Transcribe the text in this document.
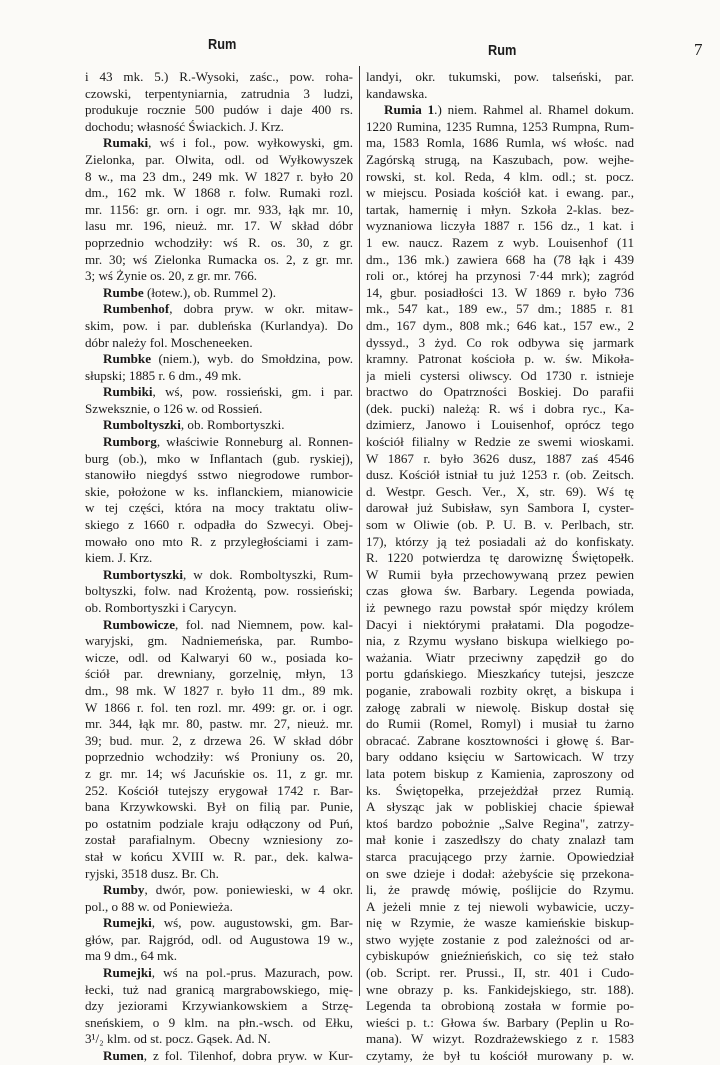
Rum	Rum	7
i 43 mk. 5.) R.-Wysoki, zaśc., pow. roha-
czowski, terpentyniarnia, zatrudnia 3 ludzi,
produkuje rocznie 500 pudów i daje 400 rs.
dochodu; własność Świackich. J. Krz.
Rumaki, wś i fol., pow. wyłkowyski, gm.
Zielonka, par. Olwita, odl. od Wyłkowyszek
8 w., ma 23 dm., 249 mk. W 1827 r. było 20
dm., 162 mk. W 1868 r. folw. Rumaki rozl.
mr. 1156: gr. orn. i ogr. mr. 933, łąk mr. 10,
lasu mr. 196, nieuż. mr. 17. W skład dóbr
poprzednio wchodziły: wś R. os. 30, z gr.
mr. 30; wś Zielonka Rumacka os. 2, z gr. mr.
3; wś Żynie os. 20, z gr. mr. 766.
Rumbe (łotew.), ob. Rummel 2).
Rumbenhof, dobra pryw. w okr. mitaw-
skim, pow. i par. dubleńska (Kurlandya). Do
dóbr należy fol. Moscheneeken.
Rumbke (niem.), wyb. do Smołdzina, pow.
słupski; 1885 r. 6 dm., 49 mk.
Rumbiki, wś, pow. rossieński, gm. i par.
Szweksznie, o 126 w. od Rossień.
Rumboltyszki, ob. Rombortyszki.
Rumborg, właściwie Ronneburg al. Ronnen-
burg (ob.), mko w Inflantach (gub. ryskiej),
stanowiło niegdyś sstwo niegrodowe rumbor-
skie, położone w ks. inflanckiem, mianowicie
w tej części, która na mocy traktatu oliw-
skiego z 1660 r. odpadła do Szwecyi. Obej-
mowało ono mto R. z przyległościami i zam-
kiem. J. Krz.
Rumbortyszki, w dok. Romboltyszki, Rum-
boltyszki, folw. nad Krożentą, pow. rossieński;
ob. Rombortyszki i Carycyn.
Rumbowicze, fol. nad Niemnem, pow. kal-
waryjski, gm. Nadniemeńska, par. Rumbo-
wicze, odl. od Kalwaryi 60 w., posiada ko-
ściół par. drewniany, gorzelnię, młyn, 13
dm., 98 mk. W 1827 r. było 11 dm., 89 mk.
W 1866 r. fol. ten rozl. mr. 499: gr. or. i ogr.
mr. 344, łąk mr. 80, pastw. mr. 27, nieuż. mr.
39; bud. mur. 2, z drzewa 26. W skład dóbr
poprzednio wchodziły: wś Proniuny os. 20,
z gr. mr. 14; wś Jacuńskie os. 11, z gr. mr.
252. Kościół tutejszy erygował 1742 r. Bar-
bana Krzywkowski. Był on filią par. Punie,
po ostatnim podziale kraju odłączony od Puń,
został parafialnym. Obecny wzniesiony zo-
stał w końcu XVIII w. R. par., dek. kalwa-
ryjski, 3518 dusz. Br. Ch.
Rumby, dwór, pow. poniewieski, w 4 okr.
pol., o 88 w. od Poniewieża.
Rumejki, wś, pow. augustowski, gm. Bar-
głów, par. Rajgród, odl. od Augustowa 19 w.,
ma 9 dm., 64 mk.
Rumejki, wś na pol.-prus. Mazurach, pow.
łecki, tuż nad granicą margrabowskiego, mię-
dzy jeziorami Krzywiankowskiem a Strzę-
sneńskiem, o 9 klm. na płn.-wsch. od Ełku,
3¹/₂ klm. od st. pocz. Gąsek. Ad. N.
Rumen, z fol. Tilenhof, dobra pryw. w Kur-
landyi, okr. tukumski, pow. talseński, par.
kandawska.
Rumia 1.) niem. Rahmel al. Rhamel dokum.
1220 Rumina, 1235 Rumna, 1253 Rumpna, Rum-
ma, 1583 Romla, 1686 Rumla, wś włośc. nad
Zagórską strugą, na Kaszubach, pow. wejhe-
rowski, st. kol. Reda, 4 klm. odl.; st. pocz.
w miejscu. Posiada kościół kat. i ewang. par.,
tartak, hamernię i młyn. Szkoła 2-klas. bez-
wyznaniowa liczyła 1887 r. 156 dz., 1 kat. i
1 ew. naucz. Razem z wyb. Louisenhof (11
dm., 136 mk.) zawiera 668 ha (78 łąk i 439
roli or., której ha przynosi 7·44 mrk); zagród
14, gbur. posiadłości 13. W 1869 r. było 736
mk., 547 kat., 189 ew., 57 dm.; 1885 r. 81
dm., 167 dym., 808 mk.; 646 kat., 157 ew., 2
dyssyd., 3 żyd. Co rok odbywa się jarmark
kramny. Patronat kościoła p. w. św. Mikoła-
ja mieli cystersi oliwscy. Od 1730 r. istnieje
bractwo do Opatrzności Boskiej. Do parafii
(dek. pucki) należą: R. wś i dobra ryc., Ka-
dzimierz, Janowo i Louisenhof, oprócz tego
kościół filialny w Redzie ze swemi wioskami.
W 1867 r. było 3626 dusz, 1887 zaś 4546
dusz. Kościół istniał tu już 1253 r. (ob. Zeitsch.
d. Westpr. Gesch. Ver., X, str. 69). Wś tę
darował już Subisław, syn Sambora I, cyster-
som w Oliwie (ob. P. U. B. v. Perlbach, str.
17), którzy ją też posiadali aż do konfiskaty.
R. 1220 potwierdza tę darowiznę Świętopełk.
W Rumii była przechowywaną przez pewien
czas głowa św. Barbary. Legenda powiada,
iż pewnego razu powstał spór między królem
Dacyi i niektórymi prałatami. Dla pogodze-
nia, z Rzymu wysłano biskupa wielkiego po-
ważania. Wiatr przeciwny zapędził go do
portu gdańskiego. Mieszkańcy tutejsi, jeszcze
poganie, zrabowali rozbity okręt, a biskupa i
załogę zabrali w niewolę. Biskup dostał się
do Rumii (Romel, Romyl) i musiał tu żarno
obracać. Zabrane kosztowności i głowę ś. Bar-
bary oddano księciu w Sartowicach. W trzy
lata potem biskup z Kamienia, zaproszony od
ks. Świętopełka, przejeżdżał przez Rumią.
A słysząc jak w pobliskiej chacie śpiewał
ktoś bardzo pobożnie „Salve Regina", zatrzy-
mał konie i zaszedłszy do chaty znalazł tam
starca pracującego przy żarnie. Opowiedział
on swe dzieje i dodał: ażebyście się przekona-
li, że prawdę mówię, poślijcie do Rzymu.
A jeżeli mnie z tej niewoli wybawicie, uczy-
nię w Rzymie, że wasze kamieńskie biskup-
stwo wyjęte zostanie z pod zależności od ar-
cybiskupów gnieźnieńskich, co się też stało
(ob. Script. rer. Prussi., II, str. 401 i Cudo-
wne obrazy p. ks. Fankidejskiego, str. 188).
Legenda ta obrobioną została w formie po-
wieści p. t.: Głowa św. Barbary (Peplin u Ro-
mana). W wizyt. Rozdrażewskiego z r. 1583
czytamy, że był tu kościół murowany p. w.
